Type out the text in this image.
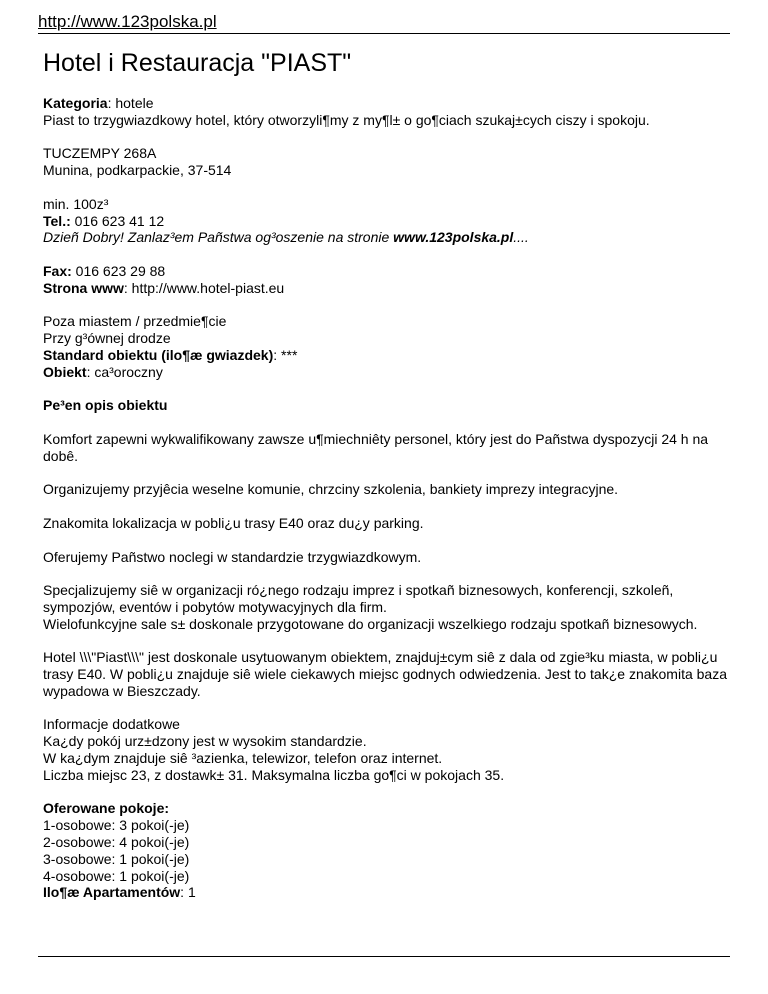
http://www.123polska.pl
Hotel i Restauracja "PIAST"

Kategoria: hotele
Piast to trzygwiazdkowy hotel, który otworzyli¶my z my¶l± o go¶ciach szukaj±cych ciszy i spokoju.

TUCZEMPY 268A
Munina, podkarpackie, 37-514

min. 100z³
Tel.: 016 623 41 12
Dzieñ Dobry! Zanlaz³em Pañstwa og³oszenie na stronie www.123polska.pl....

Fax: 016 623 29 88
Strona www: http://www.hotel-piast.eu

Poza miastem / przedmie¶cie
Przy g³ównej drodze
Standard obiektu (ilo¶æ gwiazdek): ***
Obiekt: ca³oroczny

Pe³en opis obiektu

Komfort zapewni wykwalifikowany zawsze u¶miechniêty personel, który jest do Pañstwa dyspozycji 24 h na dobê.

Organizujemy przyjêcia weselne komunie, chrzciny szkolenia, bankiety imprezy integracyjne.

Znakomita lokalizacja w pobli¿u trasy E40 oraz du¿y parking.

Oferujemy Pañstwo noclegi w standardzie trzygwiazdkowym.

Specjalizujemy siê w organizacji ró¿nego rodzaju imprez i spotkañ biznesowych, konferencji, szkoleñ, sympozjów, eventów i pobytów motywacyjnych dla firm.
Wielofunkcyjne sale s± doskonale przygotowane do organizacji wszelkiego rodzaju spotkañ biznesowych.

Hotel \\\"Piast\\\" jest doskonale usytuowanym obiektem, znajduj±cym siê z dala od zgie³ku miasta, w pobli¿u trasy E40. W pobli¿u znajduje siê wiele ciekawych miejsc godnych odwiedzenia. Jest to tak¿e znakomita baza wypadowa w Bieszczady.

Informacje dodatkowe
Ka¿dy pokój urz±dzony jest w wysokim standardzie.
W ka¿dym znajduje siê ³azienka, telewizor, telefon oraz internet.
Liczba miejsc 23, z dostawk± 31. Maksymalna liczba go¶ci w pokojach 35.

Oferowane pokoje:
1-osobowe: 3 pokoi(-je)
2-osobowe: 4 pokoi(-je)
3-osobowe: 1 pokoi(-je)
4-osobowe: 1 pokoi(-je)
Ilo¶æ Apartamentów: 1
